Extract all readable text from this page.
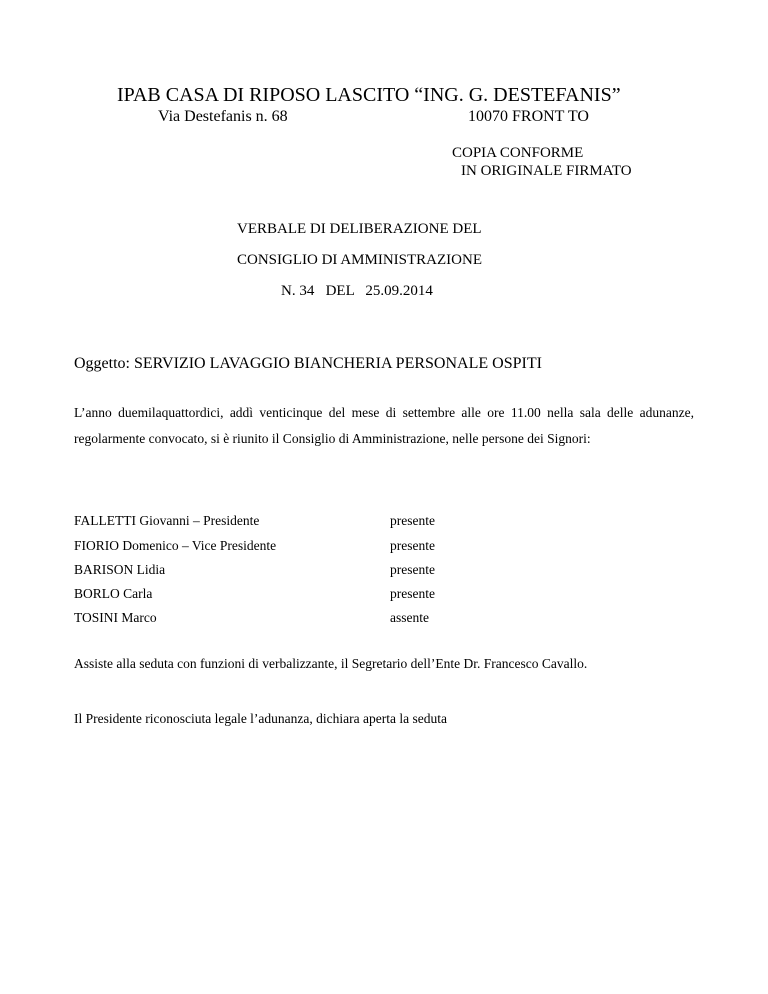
IPAB CASA DI RIPOSO LASCITO “ING. G. DESTEFANIS”
Via Destefanis n. 68	10070 FRONT TO
COPIA CONFORME
IN ORIGINALE FIRMATO
VERBALE DI DELIBERAZIONE DEL
CONSIGLIO DI AMMINISTRAZIONE
N. 34   DEL   25.09.2014
Oggetto: SERVIZIO LAVAGGIO BIANCHERIA PERSONALE OSPITI
L’anno duemilaquattordici, addì venticinque del mese di settembre alle ore 11.00 nella sala delle adunanze, regolarmente convocato, si è riunito il Consiglio di Amministrazione, nelle persone dei Signori:
FALLETTI Giovanni – Presidente	presente
FIORIO Domenico – Vice Presidente	presente
BARISON Lidia	presente
BORLO Carla	presente
TOSINI Marco	assente
Assiste alla seduta con funzioni di verbalizzante, il Segretario dell’Ente Dr. Francesco Cavallo.
Il Presidente riconosciuta legale l’adunanza, dichiara aperta la seduta
